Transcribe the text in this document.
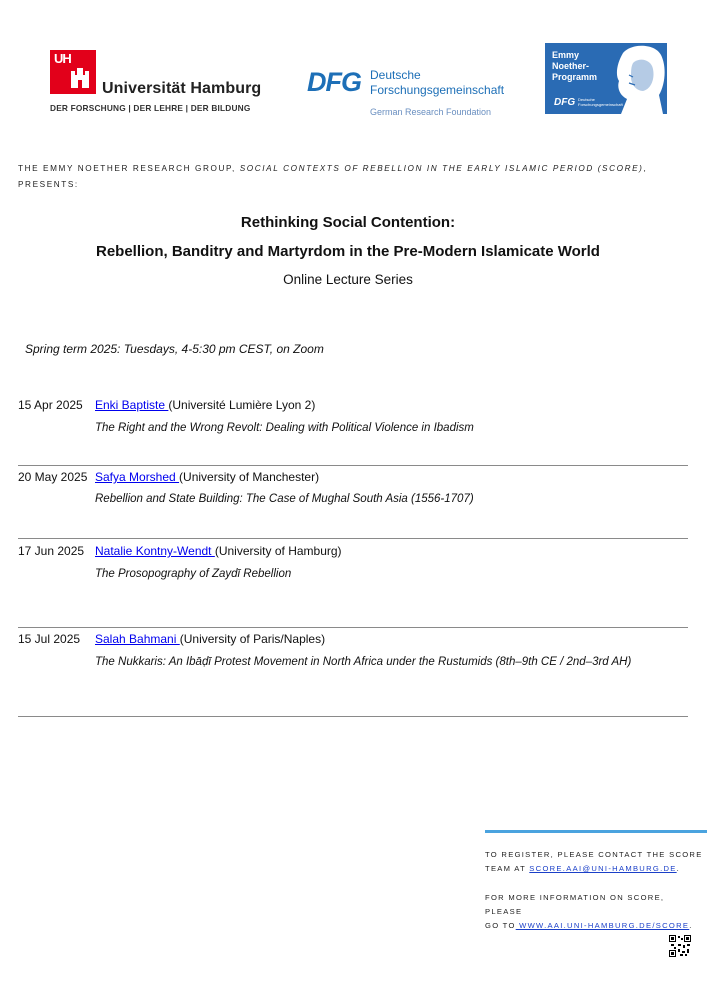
UH
Universität Hamburg
DER FORSCHUNG | DER LEHRE | DER BILDUNG
DFG Deutsche
Forschungsgemeinschaft
German Research Foundation
Emmy
Noether-
Programm
DFG Deutsche
Forschungsgemeinschaft
THE EMMY NOETHER RESEARCH GROUP, SOCIAL CONTEXTS OF REBELLION IN THE EARLY ISLAMIC PERIOD (SCORE),
PRESENTS:
Rethinking Social Contention:
Rebellion, Banditry and Martyrdom in the Pre-Modern Islamicate World
Online Lecture Series
Spring term 2025: Tuesdays, 4-5:30 pm CEST, on Zoom
15 Apr 2025 Enki Baptiste (Université Lumière Lyon 2)
The Right and the Wrong Revolt: Dealing with Political Violence in Ibadism
20 May 2025 Safya Morshed (University of Manchester)
Rebellion and State Building: The Case of Mughal South Asia (1556-1707)
17 Jun 2025 Natalie Kontny-Wendt (University of Hamburg)
The Prosopography of Zaydī Rebellion
15 Jul 2025 Salah Bahmani (University of Paris/Naples)
The Nukkaris: An Ibāḍī Protest Movement in North Africa under the Rustumids (8th–9th CE / 2nd–3rd AH)
TO REGISTER, PLEASE CONTACT THE SCORE
TEAM AT SCORE.AAI@UNI-HAMBURG.DE.
FOR MORE INFORMATION ON SCORE, PLEASE
GO TO WWW.AAI.UNI-HAMBURG.DE/SCORE.
